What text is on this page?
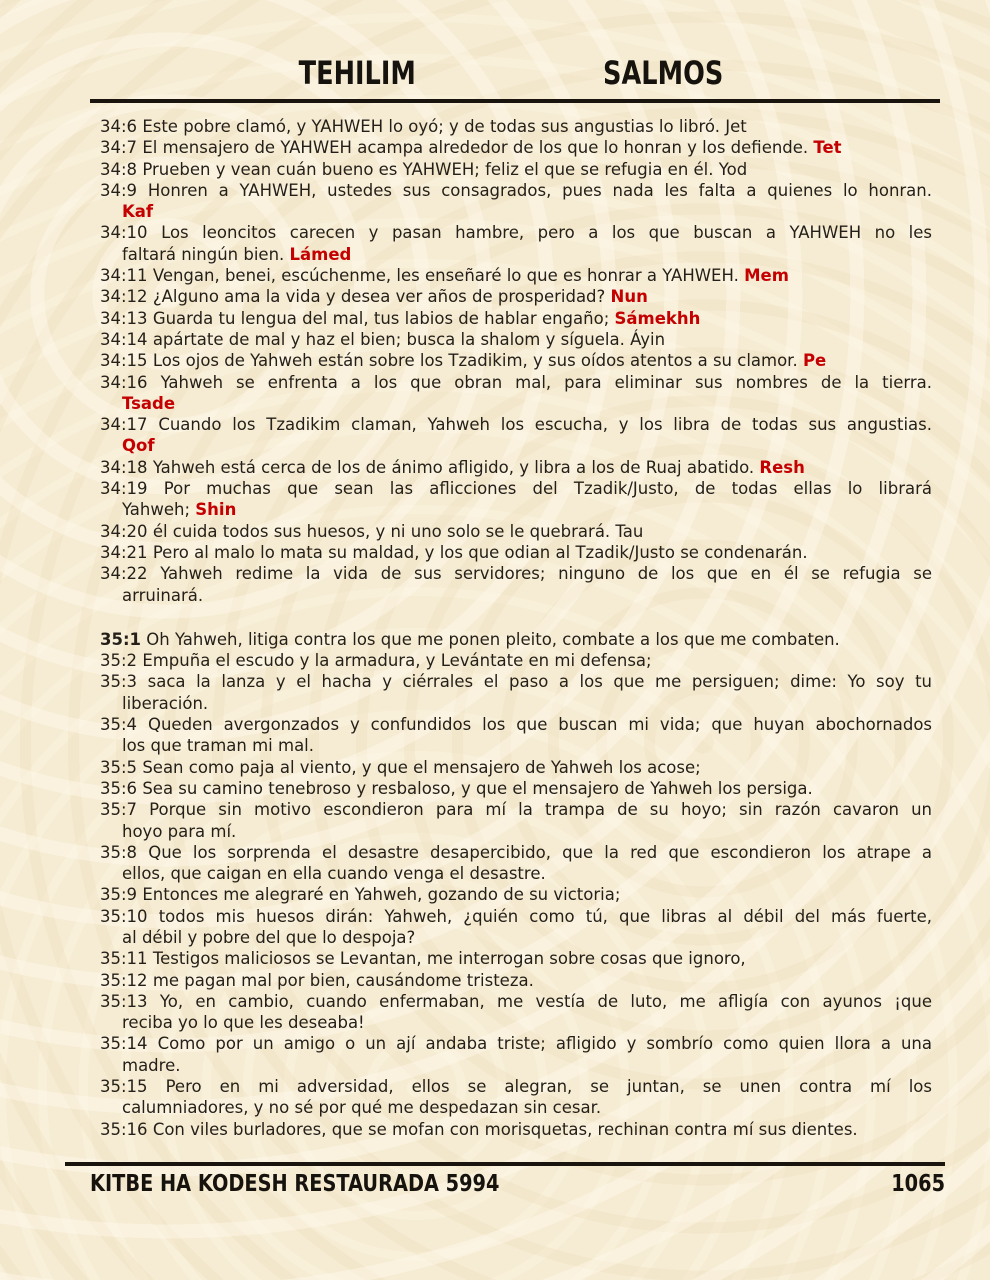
TEHILIM	SALMOS
34:6 Este pobre clamó, y YAHWEH lo oyó; y de todas sus angustias lo libró. Jet
34:7 El mensajero de YAHWEH acampa alrededor de los que lo honran y los defiende. Tet
34:8 Prueben y vean cuán bueno es YAHWEH; feliz el que se refugia en él. Yod
34:9 Honren a YAHWEH, ustedes sus consagrados, pues nada les falta a quienes lo honran.
Kaf
34:10 Los leoncitos carecen y pasan hambre, pero a los que buscan a YAHWEH no les
faltará ningún bien. Lámed
34:11 Vengan, benei, escúchenme, les enseñaré lo que es honrar a YAHWEH. Mem
34:12 ¿Alguno ama la vida y desea ver años de prosperidad? Nun
34:13 Guarda tu lengua del mal, tus labios de hablar engaño; Sámekhh
34:14 apártate de mal y haz el bien; busca la shalom y síguela. Áyin
34:15 Los ojos de Yahweh están sobre los Tzadikim, y sus oídos atentos a su clamor. Pe
34:16 Yahweh se enfrenta a los que obran mal, para eliminar sus nombres de la tierra.
Tsade
34:17 Cuando los Tzadikim claman, Yahweh los escucha, y los libra de todas sus angustias.
Qof
34:18 Yahweh está cerca de los de ánimo afligido, y libra a los de Ruaj abatido. Resh
34:19 Por muchas que sean las aflicciones del Tzadik/Justo, de todas ellas lo librará
Yahweh; Shin
34:20 él cuida todos sus huesos, y ni uno solo se le quebrará. Tau
34:21 Pero al malo lo mata su maldad, y los que odian al Tzadik/Justo se condenarán.
34:22 Yahweh redime la vida de sus servidores; ninguno de los que en él se refugia se
arruinará.
35:1 Oh Yahweh, litiga contra los que me ponen pleito, combate a los que me combaten.
35:2 Empuña el escudo y la armadura, y Levántate en mi defensa;
35:3 saca la lanza y el hacha y ciérrales el paso a los que me persiguen; dime: Yo soy tu
liberación.
35:4 Queden avergonzados y confundidos los que buscan mi vida; que huyan abochornados
los que traman mi mal.
35:5 Sean como paja al viento, y que el mensajero de Yahweh los acose;
35:6 Sea su camino tenebroso y resbaloso, y que el mensajero de Yahweh los persiga.
35:7 Porque sin motivo escondieron para mí la trampa de su hoyo; sin razón cavaron un
hoyo para mí.
35:8 Que los sorprenda el desastre desapercibido, que la red que escondieron los atrape a
ellos, que caigan en ella cuando venga el desastre.
35:9 Entonces me alegraré en Yahweh, gozando de su victoria;
35:10 todos mis huesos dirán: Yahweh, ¿quién como tú, que libras al débil del más fuerte,
al débil y pobre del que lo despoja?
35:11 Testigos maliciosos se Levantan, me interrogan sobre cosas que ignoro,
35:12 me pagan mal por bien, causándome tristeza.
35:13 Yo, en cambio, cuando enfermaban, me vestía de luto, me afligía con ayunos ¡que
reciba yo lo que les deseaba!
35:14 Como por un amigo o un ají andaba triste; afligido y sombrío como quien llora a una
madre.
35:15 Pero en mi adversidad, ellos se alegran, se juntan, se unen contra mí los
calumniadores, y no sé por qué me despedazan sin cesar.
35:16 Con viles burladores, que se mofan con morisquetas, rechinan contra mí sus dientes.
KITBE HA KODESH RESTAURADA 5994	1065
